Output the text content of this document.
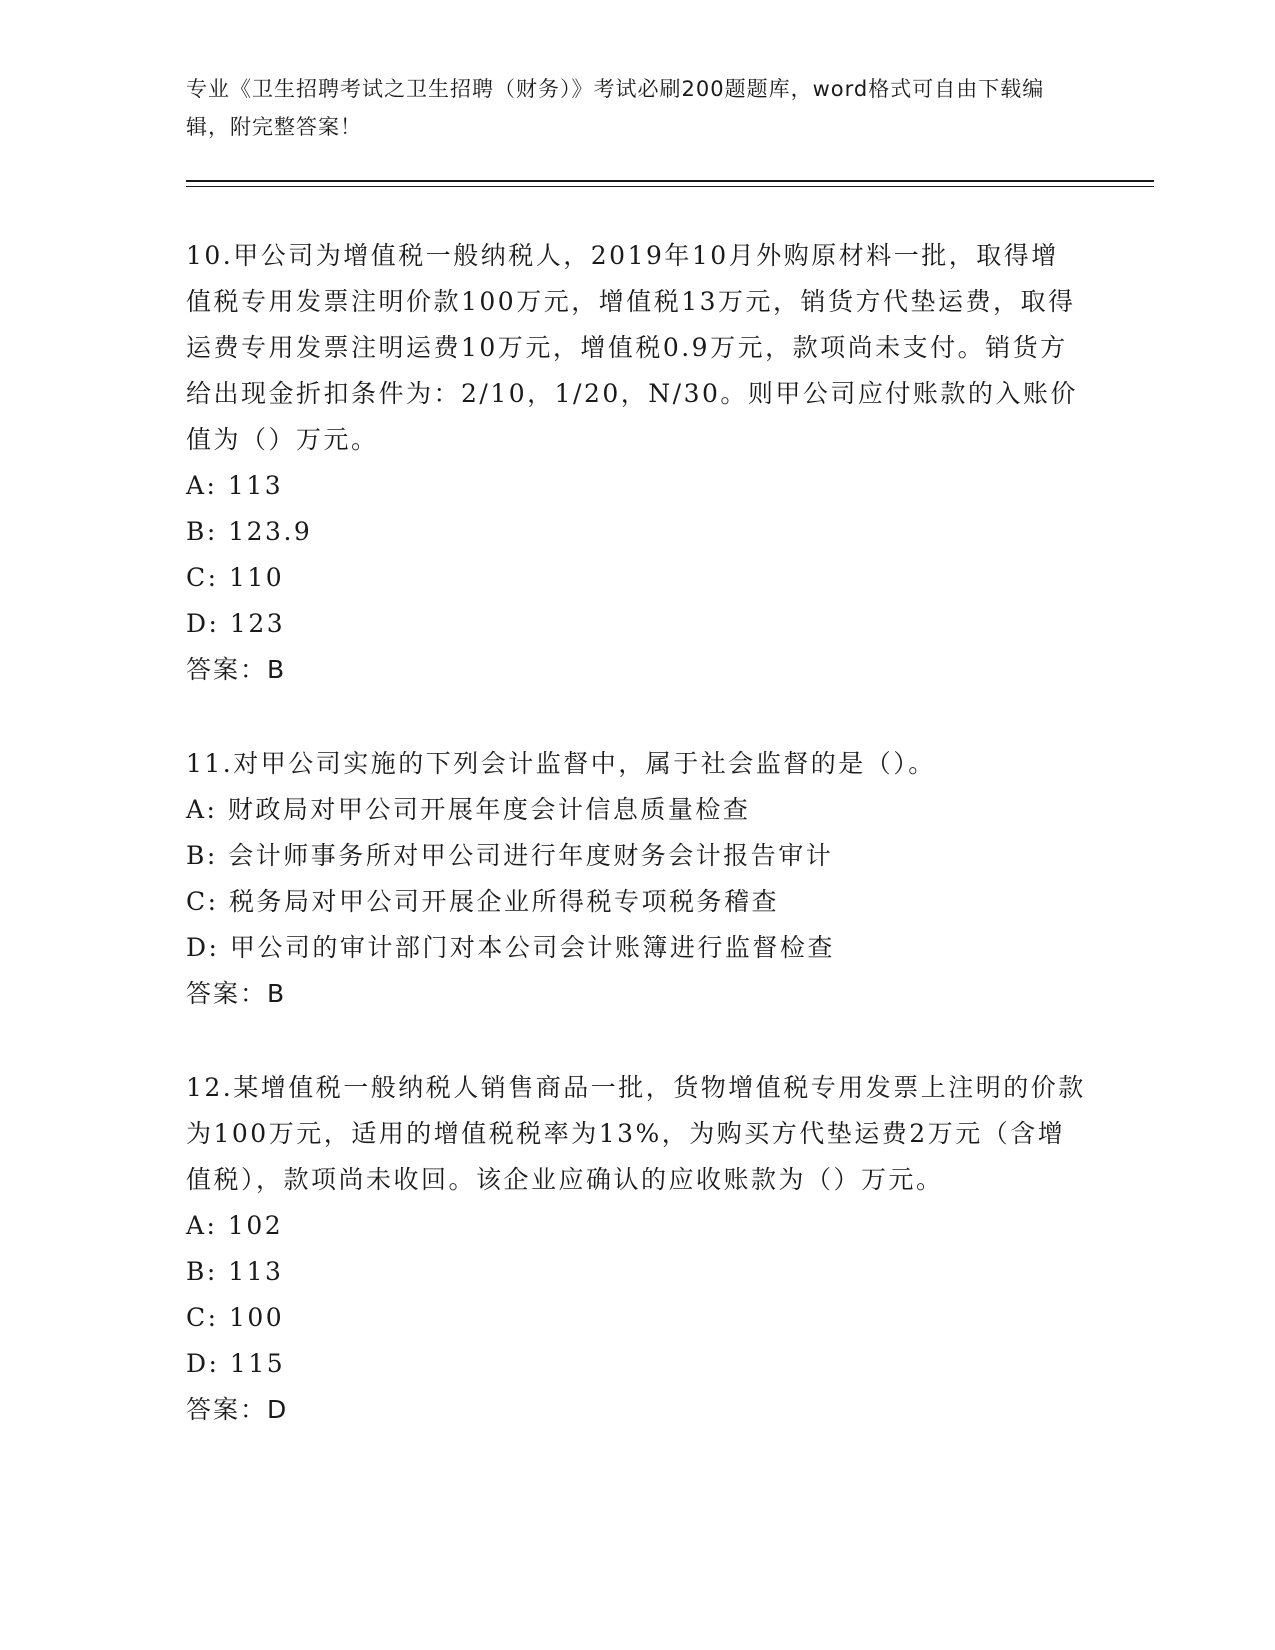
专业《卫生招聘考试之卫生招聘（财务）》考试必刷200题题库，word格式可自由下载编辑，附完整答案！
10.甲公司为增值税一般纳税人，2019年10月外购原材料一批，取得增值税专用发票注明价款100万元，增值税13万元，销货方代垫运费，取得运费专用发票注明运费10万元，增值税0.9万元，款项尚未支付。销货方给出现金折扣条件为：2/10，1/20，N/30。则甲公司应付账款的入账价值为（）万元。
A: 113
B: 123.9
C: 110
D: 123
答案：B
11.对甲公司实施的下列会计监督中，属于社会监督的是（）。
A: 财政局对甲公司开展年度会计信息质量检查
B: 会计师事务所对甲公司进行年度财务会计报告审计
C: 税务局对甲公司开展企业所得税专项税务稽查
D: 甲公司的审计部门对本公司会计账簿进行监督检查
答案：B
12.某增值税一般纳税人销售商品一批，货物增值税专用发票上注明的价款为100万元，适用的增值税税率为13%，为购买方代垫运费2万元（含增值税），款项尚未收回。该企业应确认的应收账款为（）万元。
A: 102
B: 113
C: 100
D: 115
答案：D
